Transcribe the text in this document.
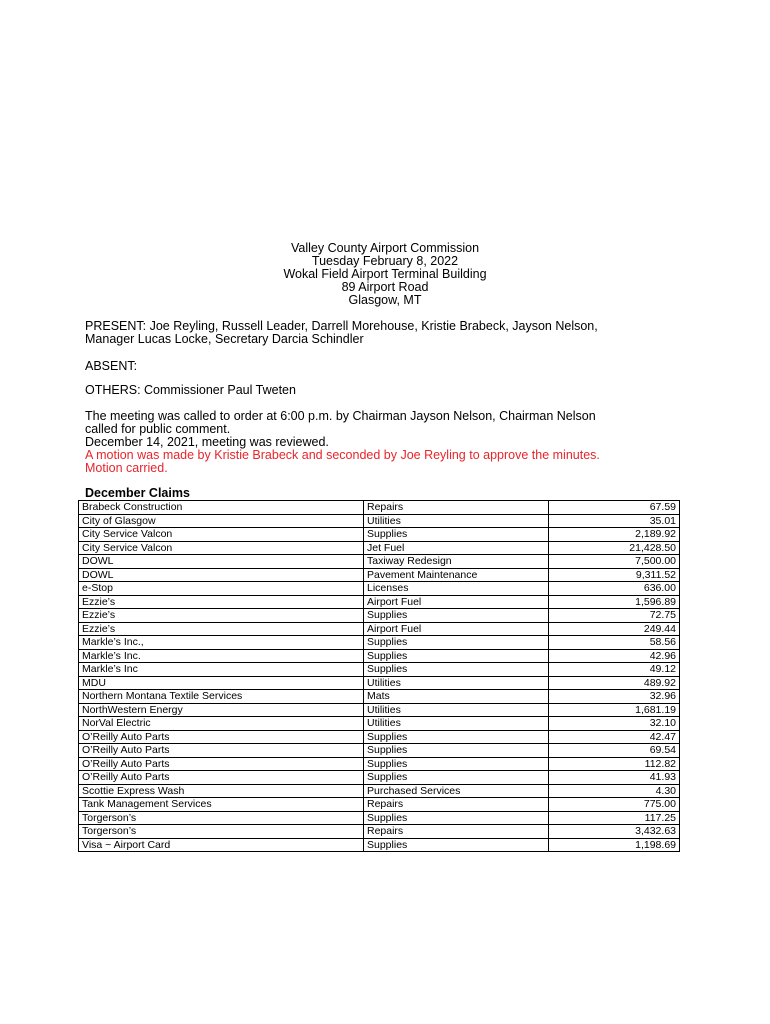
Valley County Airport Commission
Tuesday February 8, 2022
Wokal Field Airport Terminal Building
89 Airport Road
Glasgow, MT
PRESENT: Joe Reyling, Russell Leader, Darrell Morehouse, Kristie Brabeck, Jayson Nelson,
Manager Lucas Locke, Secretary Darcia Schindler
ABSENT:
OTHERS: Commissioner Paul Tweten
The meeting was called to order at 6:00 p.m. by Chairman Jayson Nelson, Chairman Nelson
called for public comment.
December 14, 2021, meeting was reviewed.
A motion was made by Kristie Brabeck and seconded by Joe Reyling to approve the minutes.
Motion carried.
December Claims
Brabeck Construction	Repairs	67.59
City of Glasgow	Utilities	35.01
City Service Valcon	Supplies	2,189.92
City Service Valcon	Jet Fuel	21,428.50
DOWL	Taxiway Redesign	7,500.00
DOWL	Pavement Maintenance	9,311.52
e-Stop	Licenses	636.00
Ezzie’s	Airport Fuel	1,596.89
Ezzie’s	Supplies	72.75
Ezzie’s	Airport Fuel	249.44
Markle’s Inc.,	Supplies	58.56
Markle’s Inc.	Supplies	42.96
Markle’s Inc	Supplies	49.12
MDU	Utilities	489.92
Northern Montana Textile Services	Mats	32.96
NorthWestern Energy	Utilities	1,681.19
NorVal Electric	Utilities	32.10
O’Reilly Auto Parts	Supplies	42.47
O’Reilly Auto Parts	Supplies	69.54
O’Reilly Auto Parts	Supplies	112.82
O’Reilly Auto Parts	Supplies	41.93
Scottie Express Wash	Purchased Services	4.30
Tank Management Services	Repairs	775.00
Torgerson’s	Supplies	117.25
Torgerson’s	Repairs	3,432.63
Visa ~ Airport Card	Supplies	1,198.69
